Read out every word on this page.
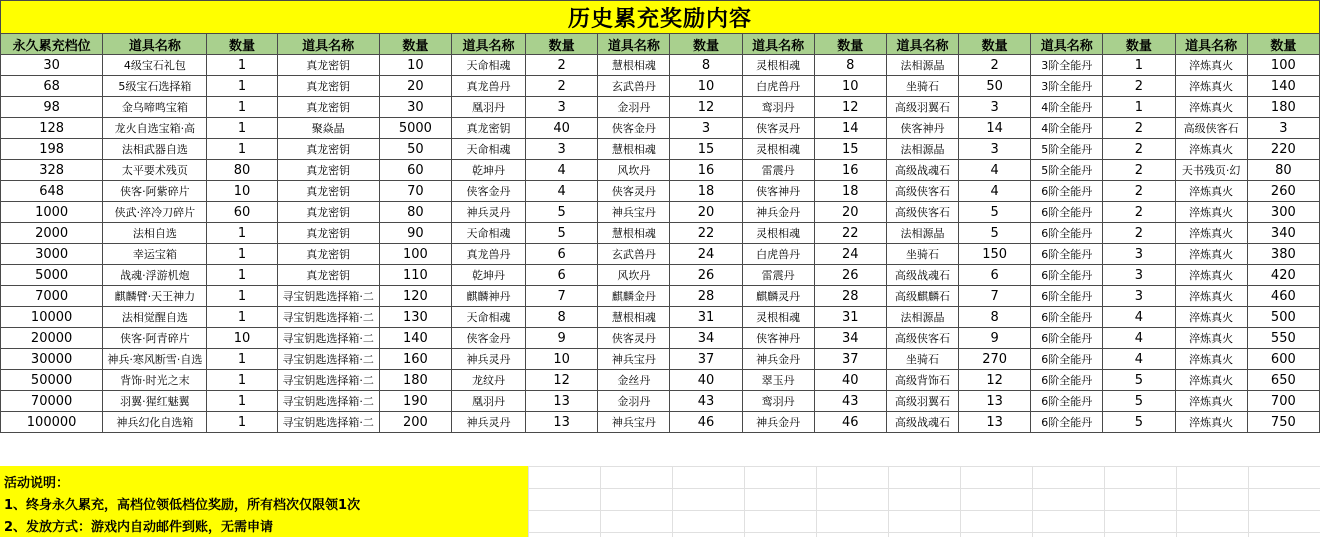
历史累充奖励内容																
永久累充档位	道具名称	数量	道具名称	数量	道具名称	数量	道具名称	数量	道具名称	数量	道具名称	数量	道具名称	数量	道具名称	数量
30	4级宝石礼包	1	真龙密钥	10	天命相魂	2	慧根相魂	8	灵根相魂	8	法相源晶	2	3阶全能丹	1	淬炼真火	100
68	5级宝石选择箱	1	真龙密钥	20	真龙兽丹	2	玄武兽丹	10	白虎兽丹	10	坐骑石	50	3阶全能丹	2	淬炼真火	140
98	金乌啼鸣宝箱	1	真龙密钥	30	凰羽丹	3	金羽丹	12	鸾羽丹	12	高级羽翼石	3	4阶全能丹	1	淬炼真火	180
128	龙火自选宝箱·高	1	聚焱晶	5000	真龙密钥	40	侠客金丹	3	侠客灵丹	14	侠客神丹	14	4阶全能丹	2	高级侠客石	3
198	法相武器自选	1	真龙密钥	50	天命相魂	3	慧根相魂	15	灵根相魂	15	法相源晶	3	5阶全能丹	2	淬炼真火	220
328	太平要术残页	80	真龙密钥	60	乾坤丹	4	风坎丹	16	雷震丹	16	高级战魂石	4	5阶全能丹	2	天书残页·幻	80
648	侠客·阿紫碎片	10	真龙密钥	70	侠客金丹	4	侠客灵丹	18	侠客神丹	18	高级侠客石	4	6阶全能丹	2	淬炼真火	260
1000	侠武·淬冷刀碎片	60	真龙密钥	80	神兵灵丹	5	神兵宝丹	20	神兵金丹	20	高级侠客石	5	6阶全能丹	2	淬炼真火	300
2000	法相自选	1	真龙密钥	90	天命相魂	5	慧根相魂	22	灵根相魂	22	法相源晶	5	6阶全能丹	2	淬炼真火	340
3000	幸运宝箱	1	真龙密钥	100	真龙兽丹	6	玄武兽丹	24	白虎兽丹	24	坐骑石	150	6阶全能丹	3	淬炼真火	380
5000	战魂·浮游机炮	1	真龙密钥	110	乾坤丹	6	风坎丹	26	雷震丹	26	高级战魂石	6	6阶全能丹	3	淬炼真火	420
7000	麒麟臂·天王神力	1	寻宝钥匙选择箱·二	120	麒麟神丹	7	麒麟金丹	28	麒麟灵丹	28	高级麒麟石	7	6阶全能丹	3	淬炼真火	460
10000	法相觉醒自选	1	寻宝钥匙选择箱·二	130	天命相魂	8	慧根相魂	31	灵根相魂	31	法相源晶	8	6阶全能丹	4	淬炼真火	500
20000	侠客·阿青碎片	10	寻宝钥匙选择箱·二	140	侠客金丹	9	侠客灵丹	34	侠客神丹	34	高级侠客石	9	6阶全能丹	4	淬炼真火	550
30000	神兵·寒风断雪·自选	1	寻宝钥匙选择箱·二	160	神兵灵丹	10	神兵宝丹	37	神兵金丹	37	坐骑石	270	6阶全能丹	4	淬炼真火	600
50000	背饰·时光之末	1	寻宝钥匙选择箱·二	180	龙纹丹	12	金丝丹	40	翠玉丹	40	高级背饰石	12	6阶全能丹	5	淬炼真火	650
70000	羽翼·猩红魅翼	1	寻宝钥匙选择箱·二	190	凰羽丹	13	金羽丹	43	鸾羽丹	43	高级羽翼石	13	6阶全能丹	5	淬炼真火	700
100000	神兵幻化自选箱	1	寻宝钥匙选择箱·二	200	神兵灵丹	13	神兵宝丹	46	神兵金丹	46	高级战魂石	13	6阶全能丹	5	淬炼真火	750
活动说明：
1、终身永久累充，高档位领低档位奖励，所有档次仅限领1次
2、发放方式：游戏内自动邮件到账，无需申请
